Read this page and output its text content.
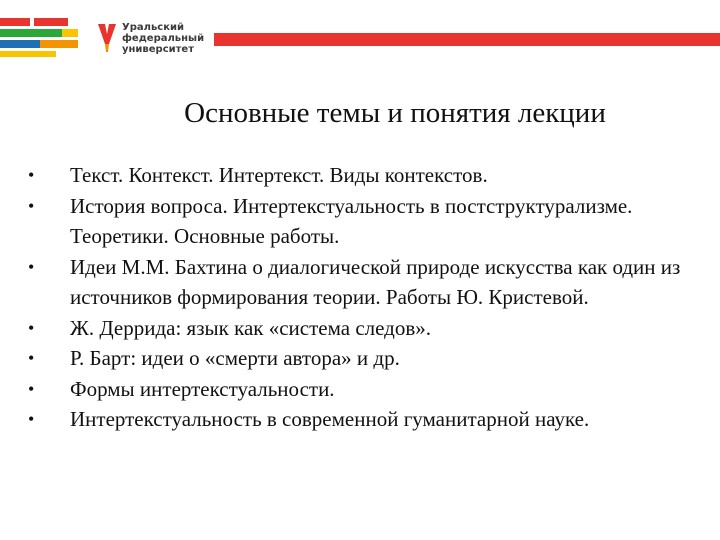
Уральский
федеральный
университет
Основные темы и понятия лекции
•	Текст. Контекст. Интертекст. Виды контекстов.
•	История вопроса. Интертекстуальность в постструктурализме. Теоретики. Основные работы.
•	Идеи М.М. Бахтина о диалогической природе искусства как один из источников формирования теории. Работы Ю. Кристевой.
•	Ж. Деррида: язык как «система следов».
•	Р. Барт: идеи о «смерти автора» и др.
•	Формы интертекстуальности.
•	Интертекстуальность в современной гуманитарной науке.
